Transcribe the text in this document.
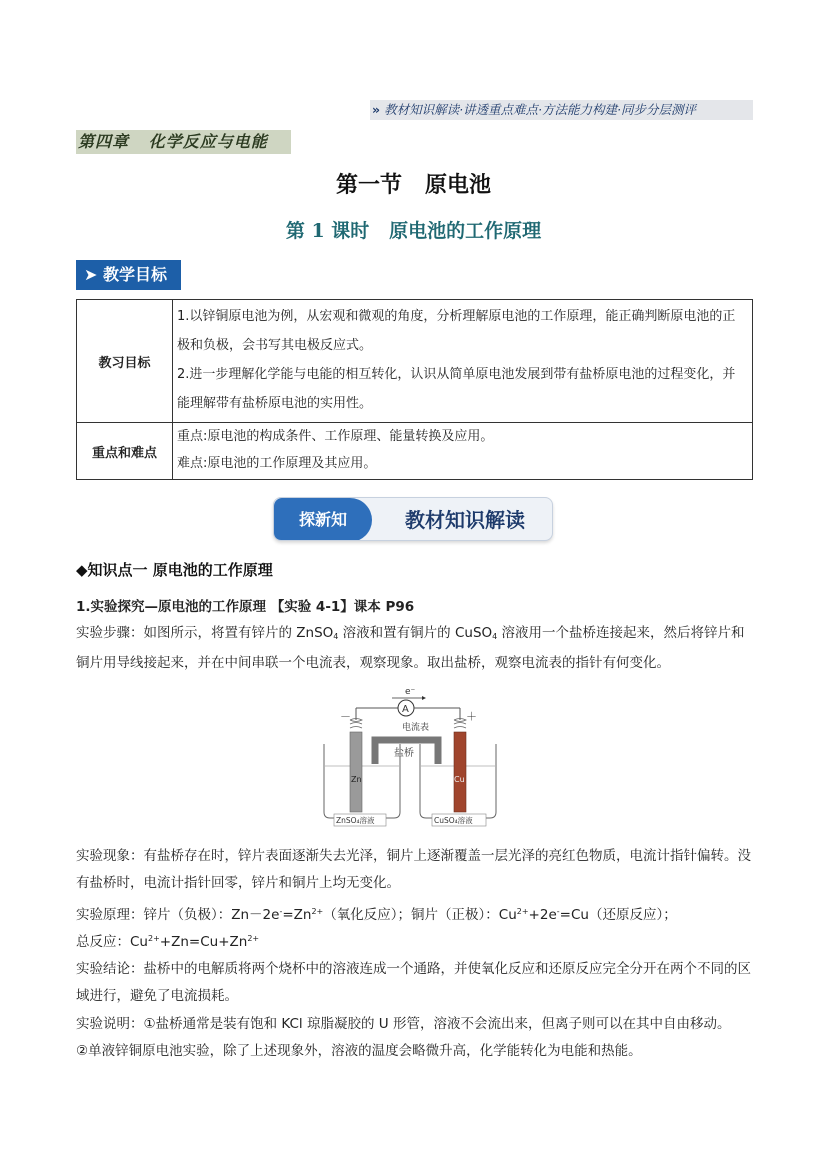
» 教材知识解读·讲透重点难点·方法能力构建·同步分层测评
第四章   化学反应与电能
第一节   原电池
第 1 课时   原电池的工作原理
➤ 教学目标
教习目标	1.以锌铜原电池为例，从宏观和微观的角度，分析理解原电池的工作原理，能正确判断原电池的正极和负极，会书写其电极反应式。

2.进一步理解化学能与电能的相互转化，认识从简单原电池发展到带有盐桥原电池的过程变化，并能理解带有盐桥原电池的实用性。

重点和难点	重点:原电池的构成条件、工作原理、能量转换及应用。

难点:原电池的工作原理及其应用。

探新知	教材知识解读
◆知识点一 原电池的工作原理
1.实验探究—原电池的工作原理 【实验 4-1】课本 P96
实验步骤：如图所示，将置有锌片的 ZnSO$_4$ 溶液和置有铜片的 CuSO$_4$ 溶液用一个盐桥连接起来，然后将锌片和铜片用导线接起来，并在中间串联一个电流表，观察现象。取出盐桥，观察电流表的指针有何变化。
e⁻
A
电流表
－	＋
盐桥
Zn	Cu
ZnSO₄溶液	CuSO₄溶液
实验现象：有盐桥存在时，锌片表面逐渐失去光泽，铜片上逐渐覆盖一层光泽的亮红色物质，电流计指针偏转。没有盐桥时，电流计指针回零，锌片和铜片上均无变化。
实验原理：锌片（负极）：$Zn-2e^-=Zn^{2+}$（氧化反应）；铜片（正极）：$Cu^{2+}+2e^-=Cu$（还原反应）；
总反应：$Cu^{2+}+Zn=Cu+Zn^{2+}$
实验结论：盐桥中的电解质将两个烧杯中的溶液连成一个通路，并使氧化反应和还原反应完全分开在两个不同的区域进行，避免了电流损耗。
实验说明：①盐桥通常是装有饱和 KCl 琼脂凝胶的 U 形管，溶液不会流出来，但离子则可以在其中自由移动。
②单液锌铜原电池实验，除了上述现象外，溶液的温度会略微升高，化学能转化为电能和热能。
